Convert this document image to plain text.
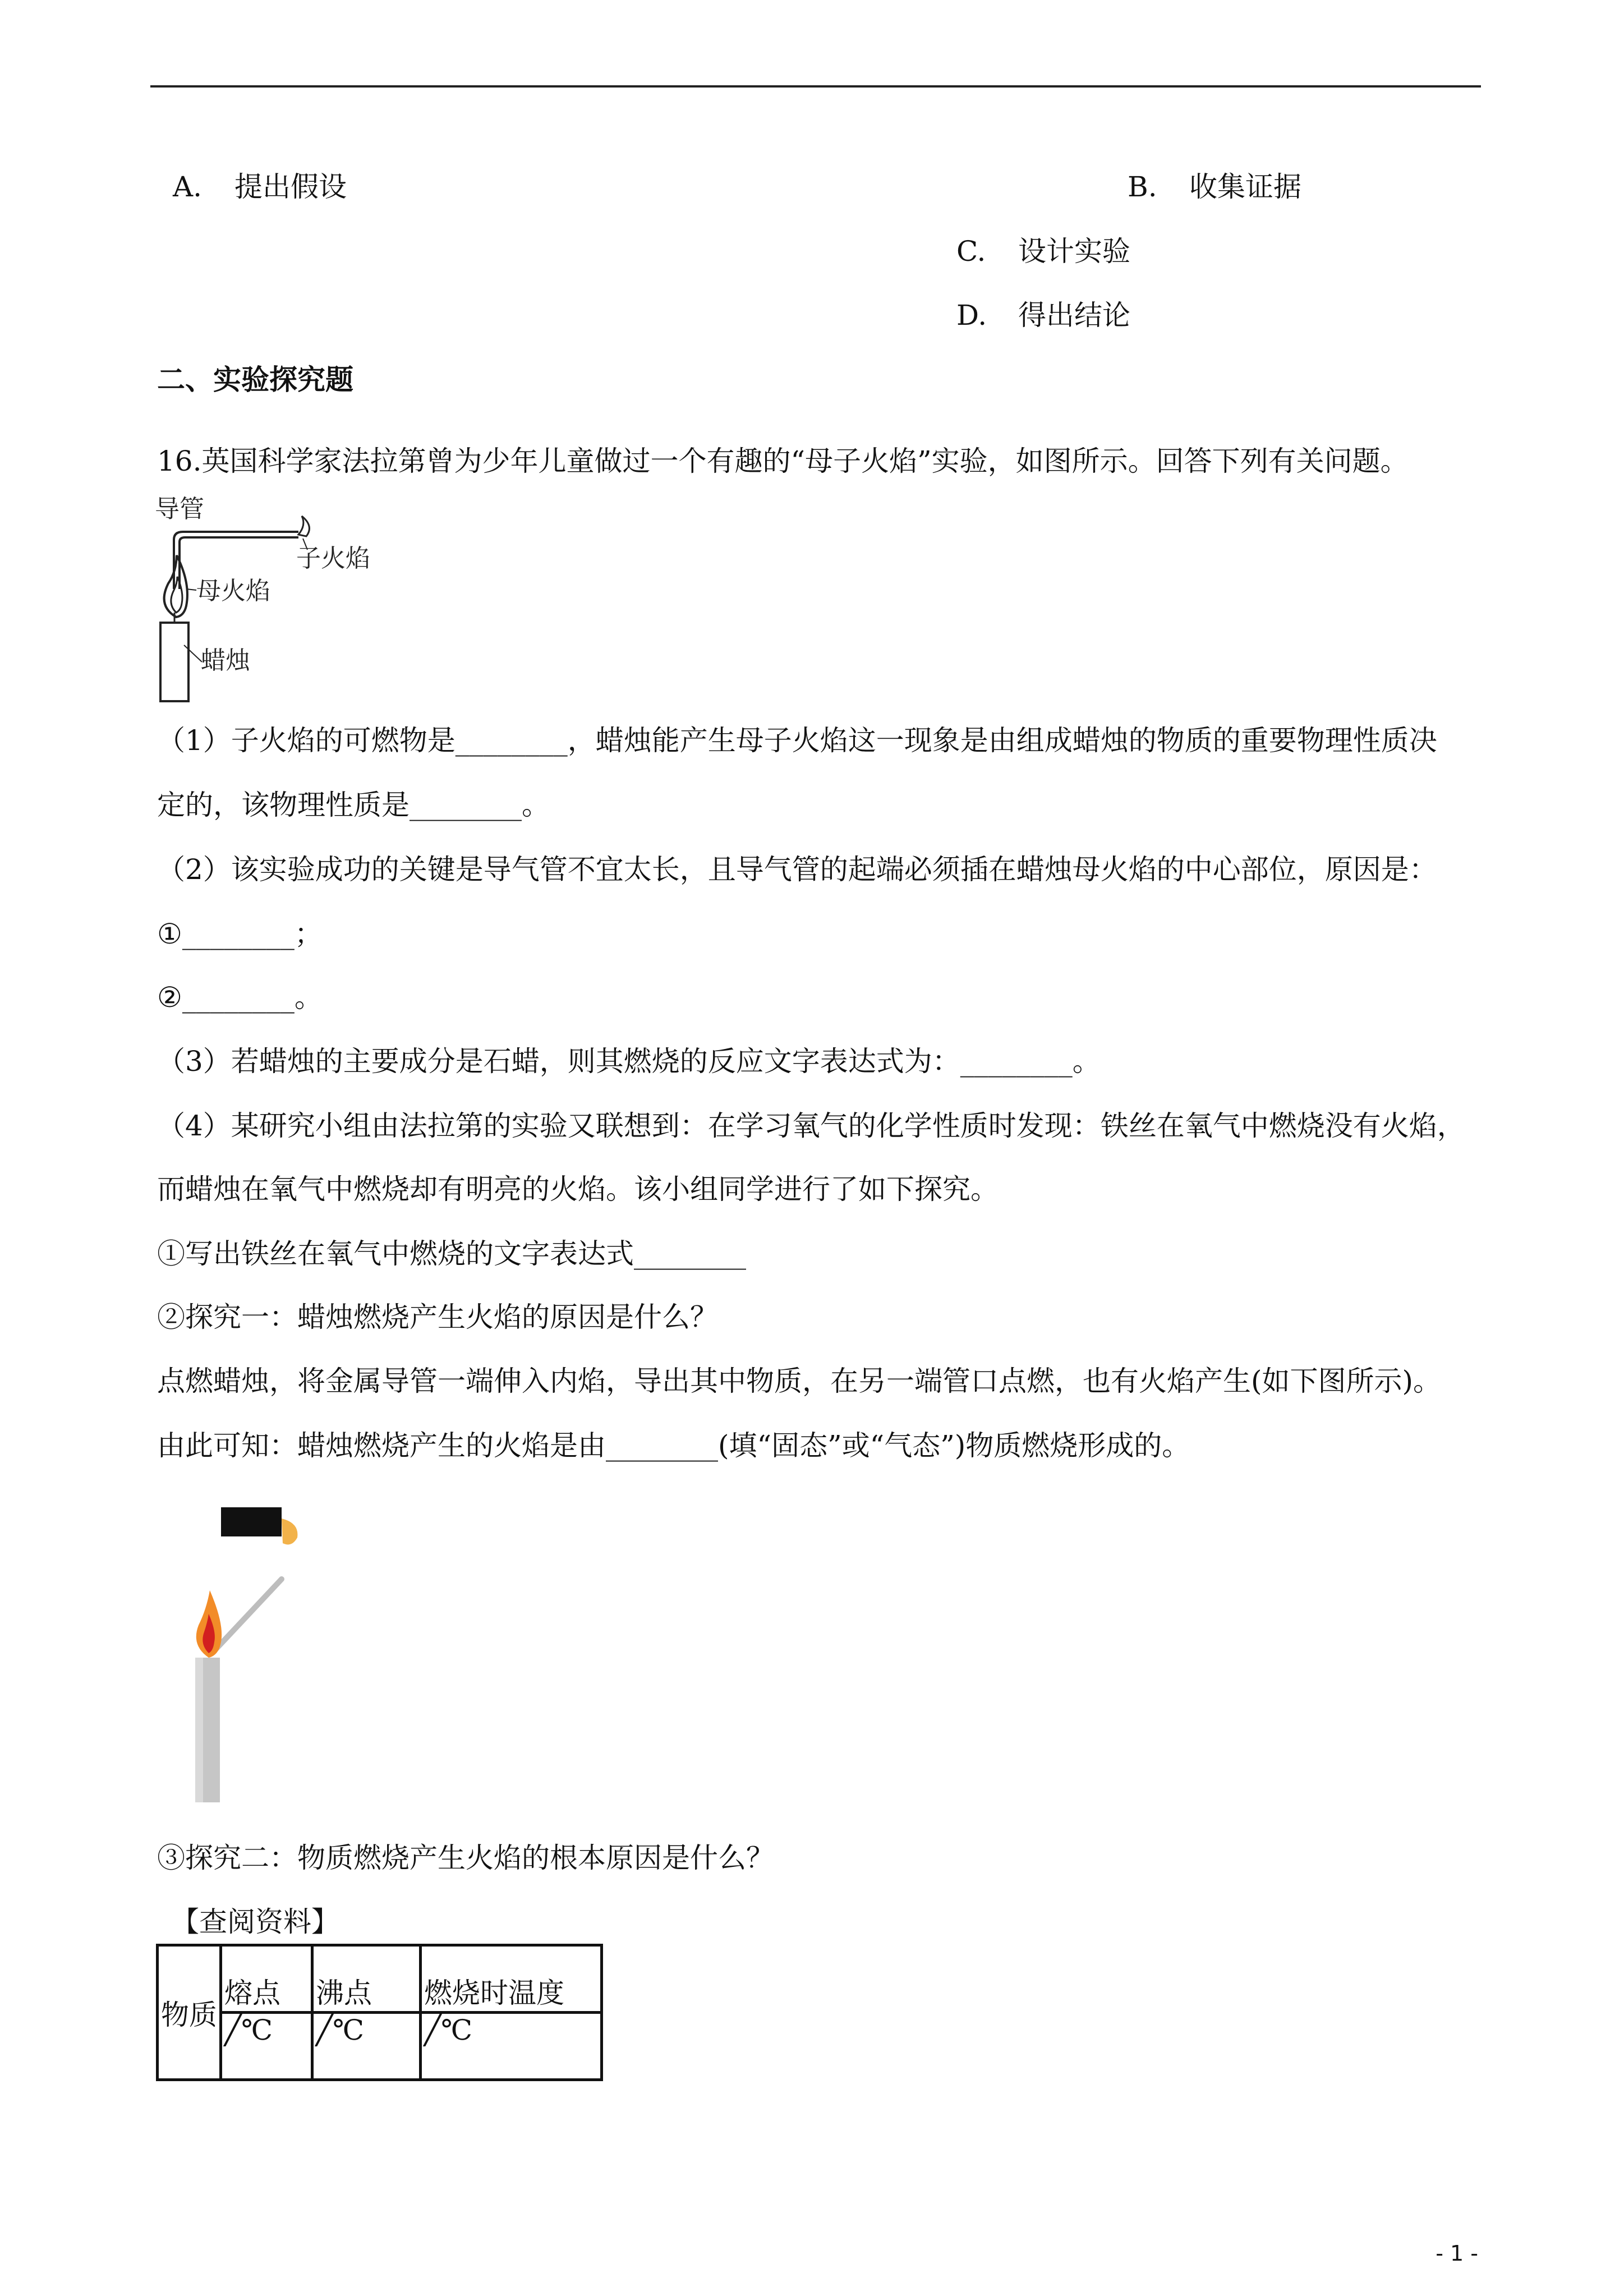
A. 提出假设	B. 收集证据
C. 设计实验
D. 得出结论
二、实验探究题
16.英国科学家法拉第曾为少年儿童做过一个有趣的“母子火焰”实验，如图所示。回答下列有关问题。
导管
子火焰
母火焰
蜡烛
（1）子火焰的可燃物是________，蜡烛能产生母子火焰这一现象是由组成蜡烛的物质的重要物理性质决
定的，该物理性质是________。
（2）该实验成功的关键是导气管不宜太长，且导气管的起端必须插在蜡烛母火焰的中心部位，原因是：
①________；
②________。
（3）若蜡烛的主要成分是石蜡，则其燃烧的反应文字表达式为：________。
（4）某研究小组由法拉第的实验又联想到：在学习氧气的化学性质时发现：铁丝在氧气中燃烧没有火焰，
而蜡烛在氧气中燃烧却有明亮的火焰。该小组同学进行了如下探究。
①写出铁丝在氧气中燃烧的文字表达式________
②探究一：蜡烛燃烧产生火焰的原因是什么？
点燃蜡烛，将金属导管一端伸入内焰，导出其中物质，在另一端管口点燃，也有火焰产生(如下图所示)。
由此可知：蜡烛燃烧产生的火焰是由________(填“固态”或“气态”)物质燃烧形成的。
③探究二：物质燃烧产生火焰的根本原因是什么？
【查阅资料】
物质	熔点	沸点	燃烧时温度
	╱℃	╱℃	╱℃
- 1 -
